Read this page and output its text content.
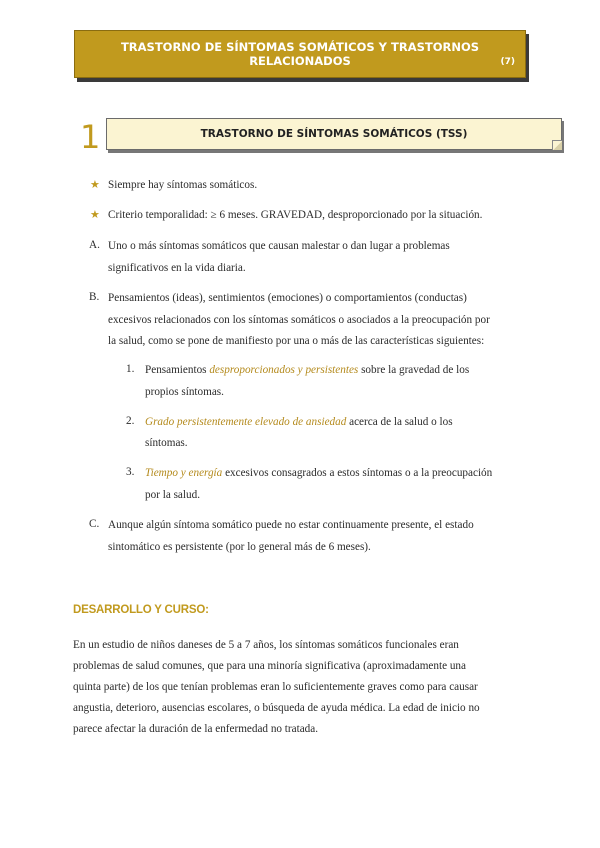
TRASTORNO DE SÍNTOMAS SOMÁTICOS Y TRASTORNOS
RELACIONADOS	(7)
1	TRASTORNO DE SÍNTOMAS SOMÁTICOS (TSS)
★ Siempre hay síntomas somáticos.
★ Criterio temporalidad: ≥ 6 meses. GRAVEDAD, desproporcionado por la situación.
A. Uno o más síntomas somáticos que causan malestar o dan lugar a problemas
significativos en la vida diaria.
B. Pensamientos (ideas), sentimientos (emociones) o comportamientos (conductas)
excesivos relacionados con los síntomas somáticos o asociados a la preocupación por
la salud, como se pone de manifiesto por una o más de las características siguientes:
1. Pensamientos desproporcionados y persistentes sobre la gravedad de los
propios síntomas.
2. Grado persistentemente elevado de ansiedad acerca de la salud o los
síntomas.
3. Tiempo y energía excesivos consagrados a estos síntomas o a la preocupación
por la salud.
C. Aunque algún síntoma somático puede no estar continuamente presente, el estado
sintomático es persistente (por lo general más de 6 meses).
DESARROLLO Y CURSO:
En un estudio de niños daneses de 5 a 7 años, los síntomas somáticos funcionales eran
problemas de salud comunes, que para una minoría significativa (aproximadamente una
quinta parte) de los que tenían problemas eran lo suficientemente graves como para causar
angustia, deterioro, ausencias escolares, o búsqueda de ayuda médica. La edad de inicio no
parece afectar la duración de la enfermedad no tratada.
